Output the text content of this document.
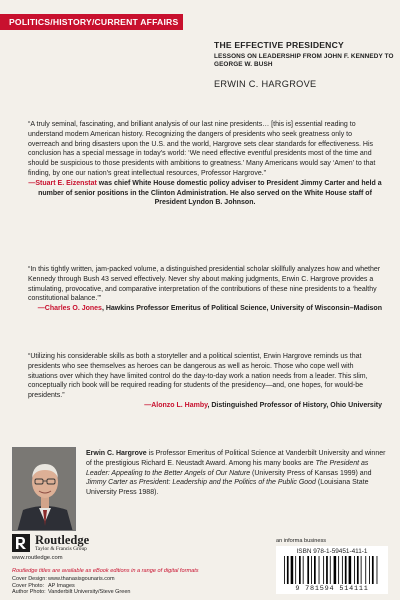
POLITICS/HISTORY/CURRENT AFFAIRS
THE EFFECTIVE PRESIDENCY
LESSONS ON LEADERSHIP FROM JOHN F. KENNEDY TO GEORGE W. BUSH
ERWIN C. HARGROVE

“A truly seminal, fascinating, and brilliant analysis of our last nine presidents… [this is] essential reading to understand modern American history. Recognizing the dangers of presidents who seek greatness only to overreach and bring disasters upon the U.S. and the world, Hargrove sets clear standards for effectiveness. His conclusion has a special message in today’s world: ‘We need effective eventful presidents most of the time and should be suspicious to those presidents with ambitions to greatness.’ Many Americans would say ‘Amen’ to that finding, by one our nation’s great intellectual resources, Professor Hargrove.”

—Stuart E. Eizenstat was chief White House domestic policy adviser to President Jimmy Carter and held a number of senior positions in the Clinton Administration. He also served on the White House staff of President Lyndon B. Johnson.

“In this tightly written, jam-packed volume, a distinguished presidential scholar skillfully analyzes how and whether Kennedy through Bush 43 served effectively. Never shy about making judgments, Erwin C. Hargrove provides a stimulating, provocative, and comparative interpretation of the contributions of these nine presidents to a ‘healthy constitutional balance.’”

—Charles O. Jones, Hawkins Professor Emeritus of Political Science, University of Wisconsin–Madison

“Utilizing his considerable skills as both a storyteller and a political scientist, Erwin Hargrove reminds us that presidents who see themselves as heroes can be dangerous as well as heroic. Those who cope well with situations over which they have limited control do the day-to-day work a nation needs from a leader. This slim, conceptually rich book will be required reading for students of the presidency—and, one hopes, for would-be presidents.”

—Alonzo L. Hamby, Distinguished Professor of History, Ohio University

Erwin C. Hargrove is Professor Emeritus of Political Science at Vanderbilt University and winner of the prestigious Richard E. Neustadt Award. Among his many books are The President as Leader: Appealing to the Better Angels of Our Nature (University Press of Kansas 1999) and Jimmy Carter as President: Leadership and the Politics of the Public Good (Louisiana State University Press 1988).
Routledge
Taylor & Francis Group
www.routledge.com
Routledge titles are available as eBook editions in a range of digital formats
Cover Design: www.thanasisgounaris.com
Cover Photo: AP Images
Author Photo: Vanderbilt University/Steve Green
an informa business
ISBN 978-1-59451-411-1
9 781594 514111
